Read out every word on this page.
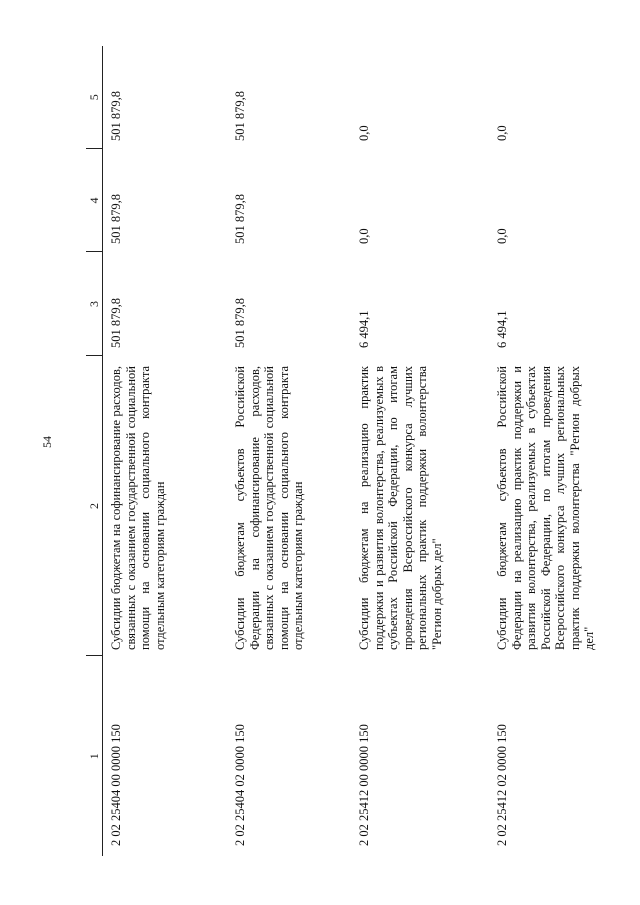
54
1	2	3	4	5
2 02 25404 00 0000 150	Субсидии бюджетам на софинансирование расходов, связанных с оказанием государственной социальной помощи на основании социального контракта отдельным категориям граждан	501 879,8	501 879,8	501 879,8
2 02 25404 02 0000 150	Субсидии бюджетам субъектов Российской Федерации на софинансирование расходов, связанных с оказанием государственной социальной помощи на основании социального контракта отдельным категориям граждан	501 879,8	501 879,8	501 879,8
2 02 25412 00 0000 150	Субсидии бюджетам на реализацию практик поддержки и развития волонтерства, реализуемых в субъектах Российской Федерации, по итогам проведения Всероссийского конкурса лучших региональных практик поддержки волонтерства "Регион добрых дел"	6 494,1	0,0	0,0
2 02 25412 02 0000 150	Субсидии бюджетам субъектов Российской Федерации на реализацию практик поддержки и развития волонтерства, реализуемых в субъектах Российской Федерации, по итогам проведения Всероссийского конкурса лучших региональных практик поддержки волонтерства "Регион добрых дел"	6 494,1	0,0	0,0
